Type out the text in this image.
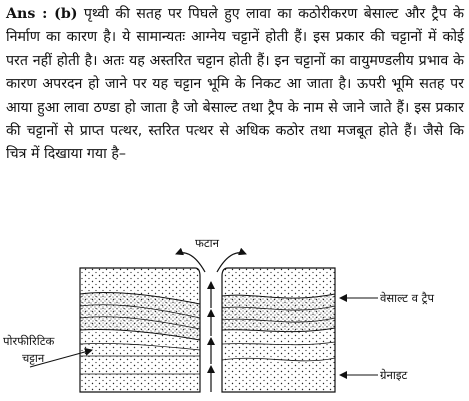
Ans : (b) पृथ्वी की सतह पर पिघले हुए लावा का कठोरीकरण बेसाल्ट और ट्रैप के निर्माण का कारण है। ये सामान्यतः आग्नेय चट्टानें होती हैं। इस प्रकार की चट्टानों में कोई परत नहीं होती है। अतः यह अस्तरित चट्टान होती हैं। इन चट्टानों का वायुमण्डलीय प्रभाव के कारण अपरदन हो जाने पर यह चट्टान भूमि के निकट आ जाता है। ऊपरी भूमि सतह पर आया हुआ लावा ठण्डा हो जाता है जो बेसाल्ट तथा ट्रैप के नाम से जाने जाते हैं। इस प्रकार की चट्टानों से प्राप्त पत्थर, स्तरित पत्थर से अधिक कठोर तथा मजबूत होते हैं। जैसे कि चित्र में दिखाया गया है–
फटान
वेसाल्ट व ट्रैप
पोरफीरिटिक
चट्टान
ग्रेनाइट
